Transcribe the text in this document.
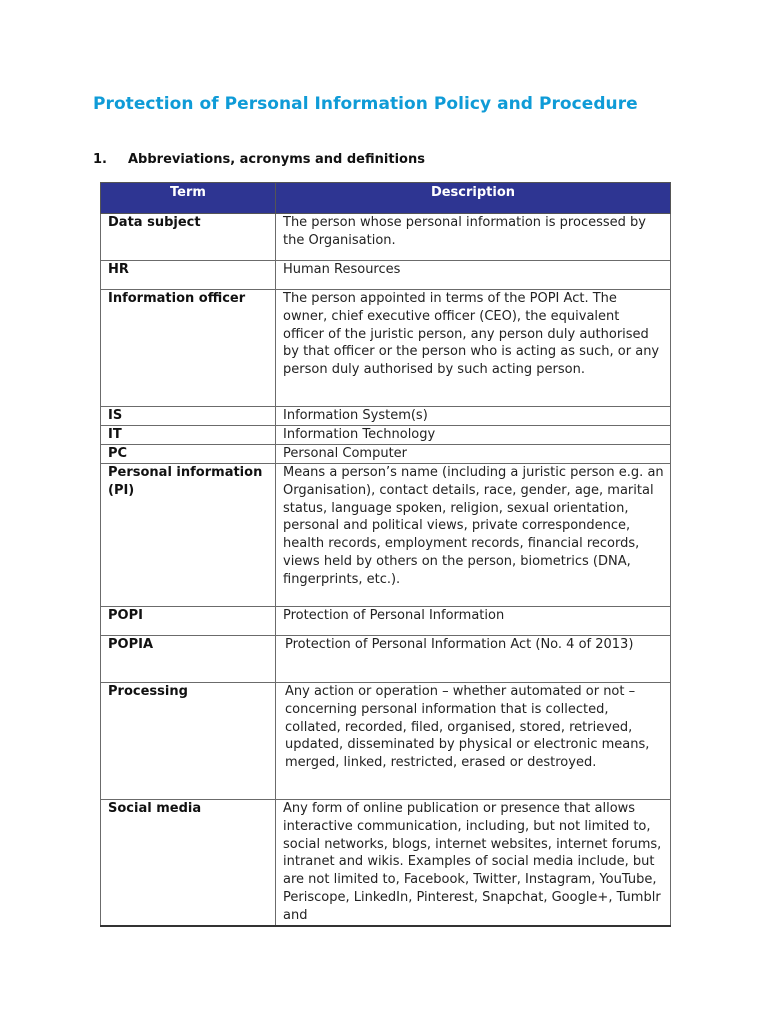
Protection of Personal Information Policy and Procedure
1. Abbreviations, acronyms and definitions
Term	Description
Data subject	The person whose personal information is processed by the Organisation.
HR	Human Resources
Information officer	The person appointed in terms of the POPI Act. The owner, chief executive officer (CEO), the equivalent officer of the juristic person, any person duly authorised by that officer or the person who is acting as such, or any person duly authorised by such acting person.
IS	Information System(s)
IT	Information Technology
PC	Personal Computer
Personal information (PI)	Means a person’s name (including a juristic person e.g. an Organisation), contact details, race, gender, age, marital status, language spoken, religion, sexual orientation, personal and political views, private correspondence, health records, employment records, financial records, views held by others on the person, biometrics (DNA, fingerprints, etc.).
POPI	Protection of Personal Information
POPIA	Protection of Personal Information Act (No. 4 of 2013)
Processing	Any action or operation – whether automated or not – concerning personal information that is collected, collated, recorded, filed, organised, stored, retrieved, updated, disseminated by physical or electronic means, merged, linked, restricted, erased or destroyed.
Social media	Any form of online publication or presence that allows interactive communication, including, but not limited to, social networks, blogs, internet websites, internet forums, intranet and wikis. Examples of social media include, but are not limited to, Facebook, Twitter, Instagram, YouTube, Periscope, LinkedIn, Pinterest, Snapchat, Google+, Tumblr and
